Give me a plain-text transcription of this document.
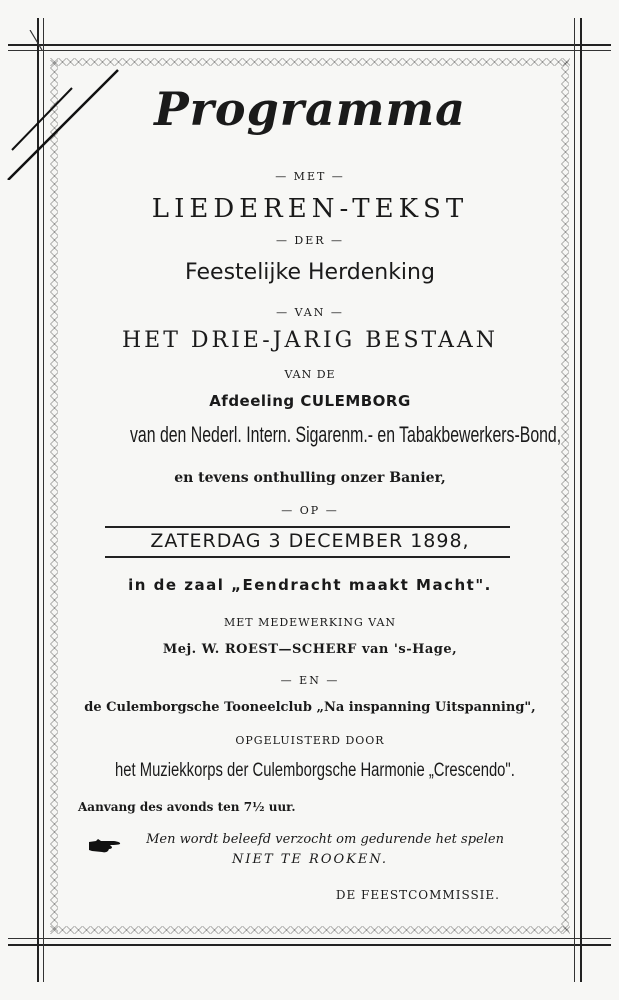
Programma
— MET —
LIEDEREN-TEKST
— DER —
Feestelijke Herdenking
— VAN —
HET DRIE-JARIG BESTAAN
VAN DE
Afdeeling CULEMBORG
van den Nederl. Intern. Sigarenm.- en Tabakbewerkers-Bond,
en tevens onthulling onzer Banier,
— OP —
ZATERDAG 3 DECEMBER 1898,
in de zaal „Eendracht maakt Macht".
MET MEDEWERKING VAN
Mej. W. ROEST—SCHERF van 's-Hage,
— EN —
de Culemborgsche Tooneelclub „Na inspanning Uitspanning",
OPGELUISTERD DOOR
het Muziekkorps der Culemborgsche Harmonie „Crescendo".
Aanvang des avonds ten 7½ uur.
Men wordt beleefd verzocht om gedurende het spelen
NIET TE ROOKEN.
DE FEESTCOMMISSIE.
